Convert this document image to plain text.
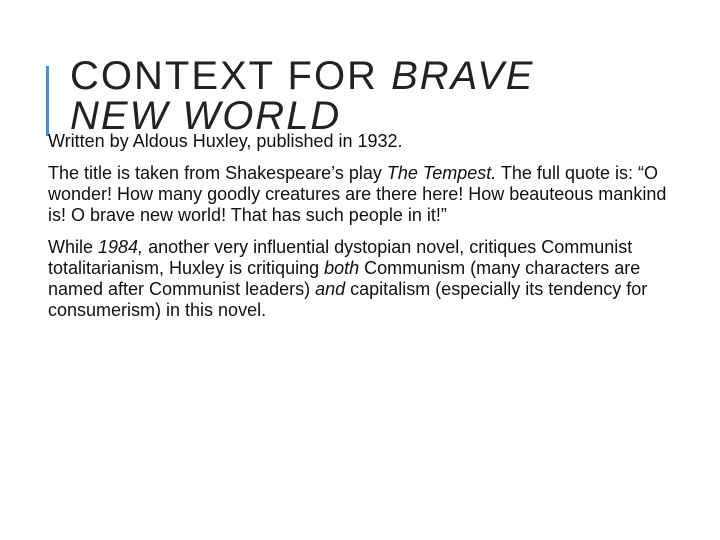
CONTEXT FOR BRAVE
NEW WORLD

Written by Aldous Huxley, published in 1932.

The title is taken from Shakespeare’s play The Tempest. The full quote is: “O wonder! How many goodly creatures are there here! How beauteous mankind is! O brave new world! That has such people in it!”

While 1984, another very influential dystopian novel, critiques Communist totalitarianism, Huxley is critiquing both Communism (many characters are named after Communist leaders) and capitalism (especially its tendency for consumerism) in this novel.
